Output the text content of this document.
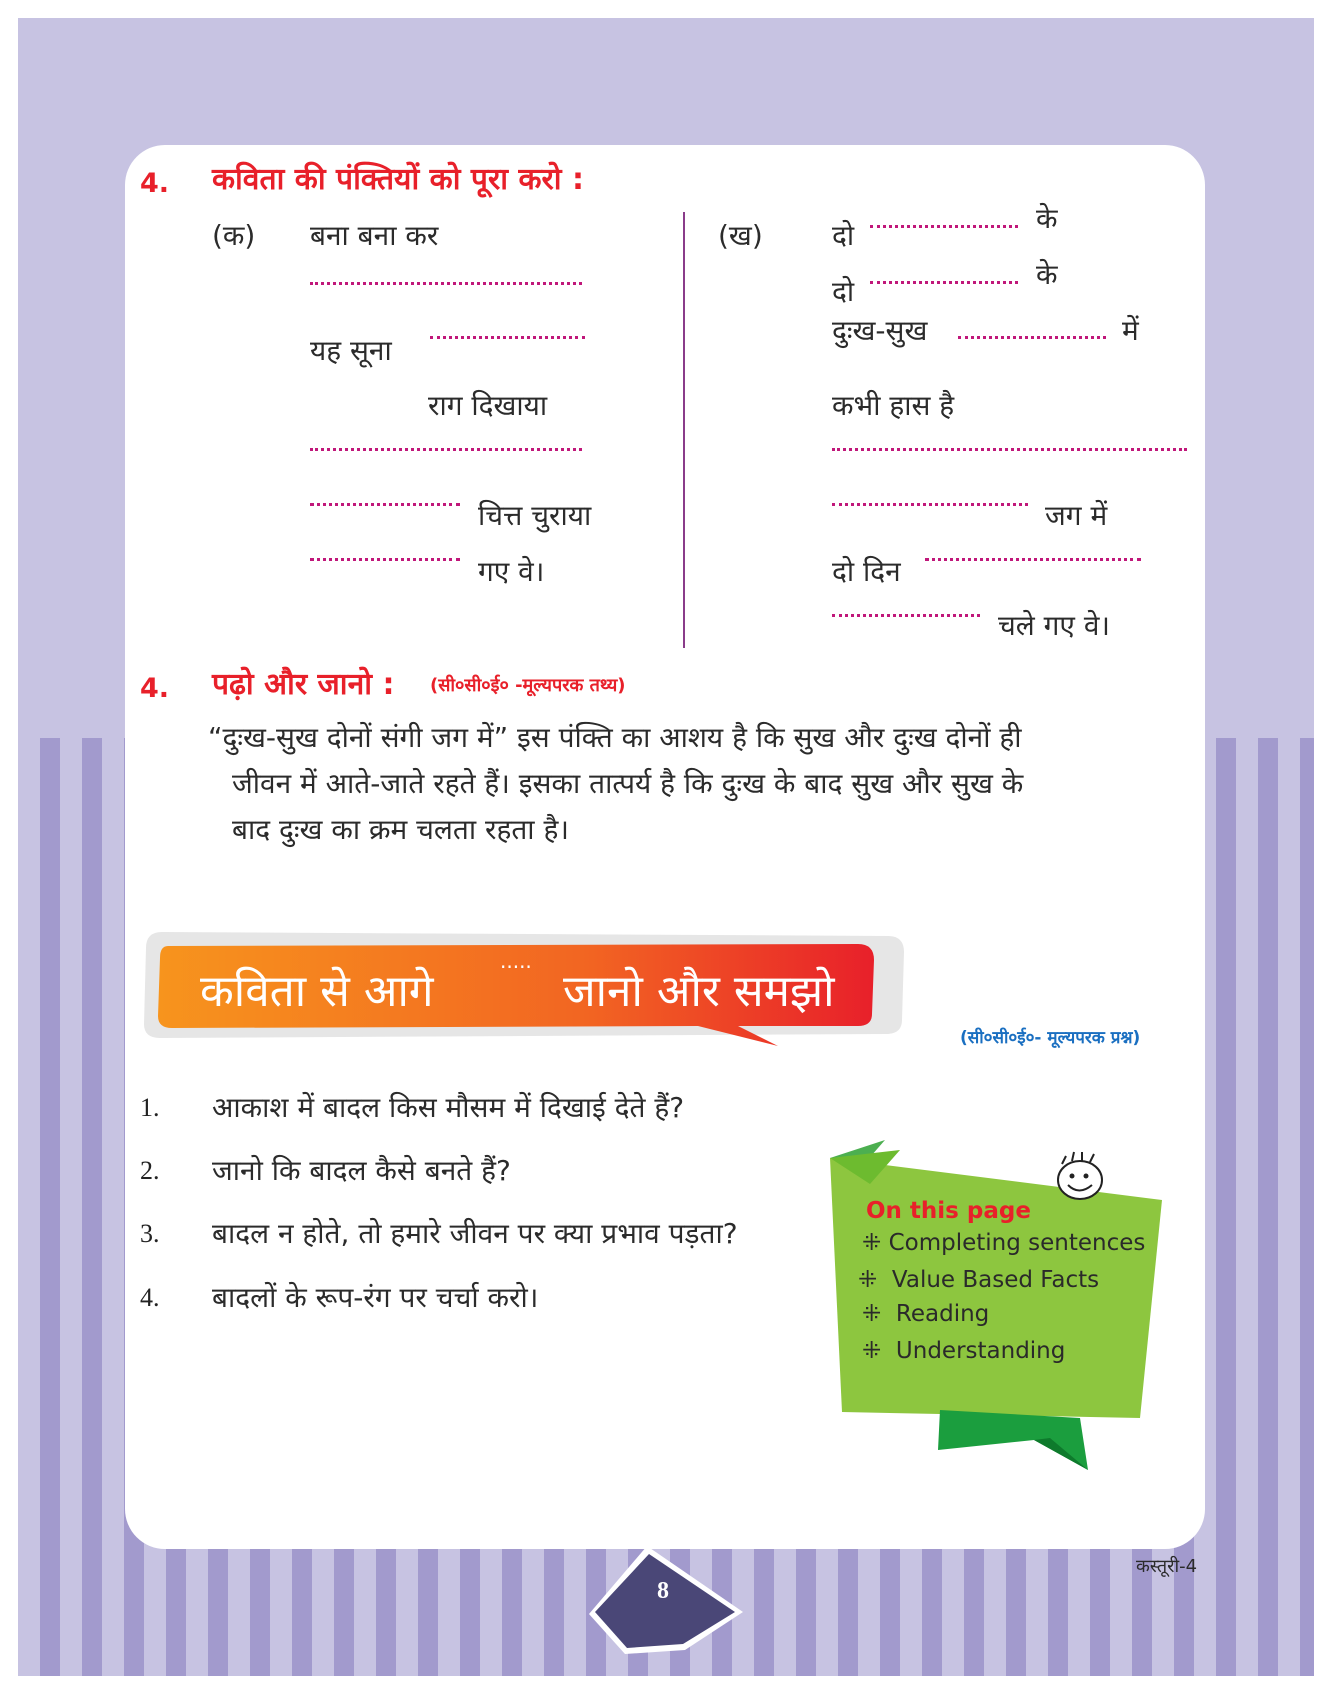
4. कविता की पंक्तियों को पूरा करो :
(क) बना बना कर
यह सूना
राग दिखाया
चित्त चुराया
गए वे।
(ख) दो
के
दो
के
दुःख-सुख	में
कभी हास है
जग में
दो दिन
चले गए वे।
4. पढ़ो और जानो : (सी०सी०ई० -मूल्यपरक तथ्य)

“दुःख-सुख दोनों संगी जग में” इस पंक्ति का आशय है कि सुख और दुःख दोनों ही

जीवन में आते-जाते रहते हैं। इसका तात्पर्य है कि दुःख के बाद सुख और सुख के

बाद दुःख का क्रम चलता रहता है।

कविता से आगे
.....
जानो और समझो
(सी०सी०ई०- मूल्यपरक प्रश्न)
1. आकाश में बादल किस मौसम में दिखाई देते हैं?
2. जानो कि बादल कैसे बनते हैं?
3. बादल न होते, तो हमारे जीवन पर क्या प्रभाव पड़ता?
4. बादलों के रूप-रंग पर चर्चा करो।
On this page
⁜ Completing sentences
⁜ Value Based Facts
⁜ Reading
⁜ Understanding
8
कस्तूरी-4
